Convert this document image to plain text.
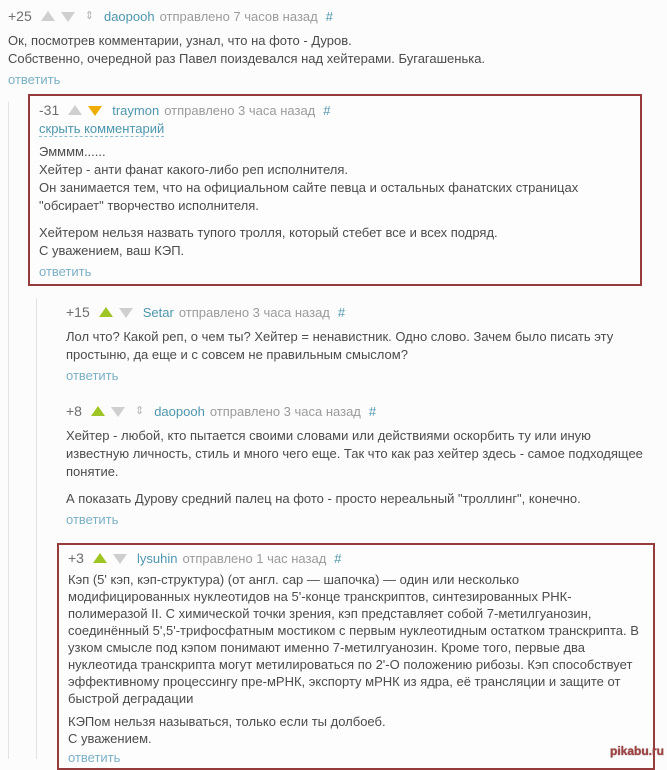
+25	⇕ daopooh отправлено 7 часов назад #
Ок, посмотрев комментарии, узнал, что на фото - Дуров.
Собственно, очередной раз Павел поиздевался над хейтерами. Бугагашенька.
ответить
-31	traymon отправлено 3 часа назад #
скрыть комментарий
Эмммм......
Хейтер - анти фанат какого-либо реп исполнителя.
Он занимается тем, что на официальном сайте певца и остальных фанатских страницах "обсирает" творчество исполнителя.
Хейтером нельзя назвать тупого тролля, который стебет все и всех подряд.
С уважением, ваш КЭП.
ответить
+15	Setar отправлено 3 часа назад #
Лол что? Какой реп, о чем ты? Хейтер = ненавистник. Одно слово. Зачем было писать эту простыню, да еще и с совсем не правильным смыслом?
ответить
+8	⇕ daopooh отправлено 3 часа назад #
Хейтер - любой, кто пытается своими словами или действиями оскорбить ту или иную известную личность, стиль и много чего еще. Так что как раз хейтер здесь - самое подходящее понятие.
А показать Дурову средний палец на фото - просто нереальный "троллинг", конечно.
ответить
+3	lysuhin отправлено 1 час назад #
Кэп (5' кэп, кэп-структура) (от англ. cap — шапочка) — один или несколько модифицированных нуклеотидов на 5'-конце транскриптов, синтезированных РНК-полимеразой II. С химической точки зрения, кэп представляет собой 7-метилгуанозин, соединённый 5',5'-трифосфатным мостиком с первым нуклеотидным остатком транскрипта. В узком смысле под кэпом понимают именно 7-метилгуанозин. Кроме того, первые два нуклеотида транскрипта могут метилироваться по 2'-О положению рибозы. Кэп способствует эффективному процессингу пре-мРНК, экспорту мРНК из ядра, её трансляции и защите от быстрой деградации
КЭПом нельзя называться, только если ты долбоеб.
С уважением.
ответить	pikabu.ru
